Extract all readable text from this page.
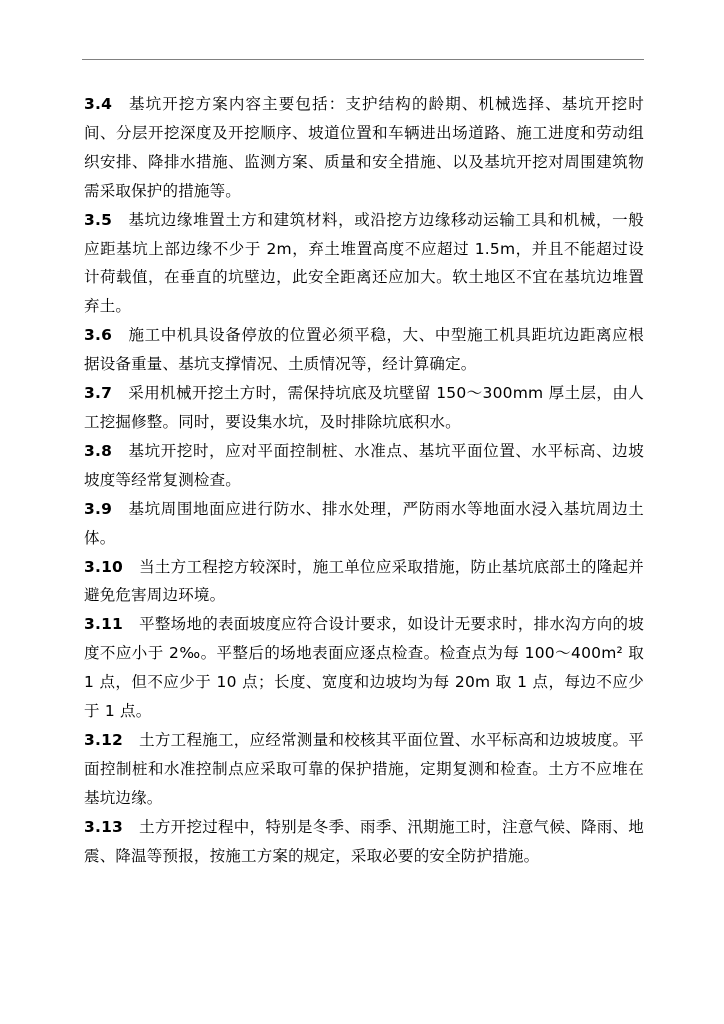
3.4 基坑开挖方案内容主要包括：支护结构的龄期、机械选择、基坑开挖时间、分层开挖深度及开挖顺序、坡道位置和车辆进出场道路、施工进度和劳动组织安排、降排水措施、监测方案、质量和安全措施、以及基坑开挖对周围建筑物需采取保护的措施等。

3.5 基坑边缘堆置土方和建筑材料，或沿挖方边缘移动运输工具和机械，一般应距基坑上部边缘不少于 2m，弃土堆置高度不应超过 1.5m，并且不能超过设计荷载值，在垂直的坑壁边，此安全距离还应加大。软土地区不宜在基坑边堆置弃土。

3.6 施工中机具设备停放的位置必须平稳，大、中型施工机具距坑边距离应根据设备重量、基坑支撑情况、土质情况等，经计算确定。

3.7 采用机械开挖土方时，需保持坑底及坑壁留 150～300mm 厚土层，由人工挖掘修整。同时，要设集水坑，及时排除坑底积水。

3.8 基坑开挖时，应对平面控制桩、水准点、基坑平面位置、水平标高、边坡坡度等经常复测检查。

3.9 基坑周围地面应进行防水、排水处理，严防雨水等地面水浸入基坑周边土体。

3.10 当土方工程挖方较深时，施工单位应采取措施，防止基坑底部土的隆起并避免危害周边环境。

3.11 平整场地的表面坡度应符合设计要求，如设计无要求时，排水沟方向的坡度不应小于 2‰。平整后的场地表面应逐点检查。检查点为每 100～400m² 取 1 点，但不应少于 10 点；长度、宽度和边坡均为每 20m 取 1 点，每边不应少于 1 点。

3.12 土方工程施工，应经常测量和校核其平面位置、水平标高和边坡坡度。平面控制桩和水准控制点应采取可靠的保护措施，定期复测和检查。土方不应堆在基坑边缘。

3.13 土方开挖过程中，特别是冬季、雨季、汛期施工时，注意气候、降雨、地震、降温等预报，按施工方案的规定，采取必要的安全防护措施。
